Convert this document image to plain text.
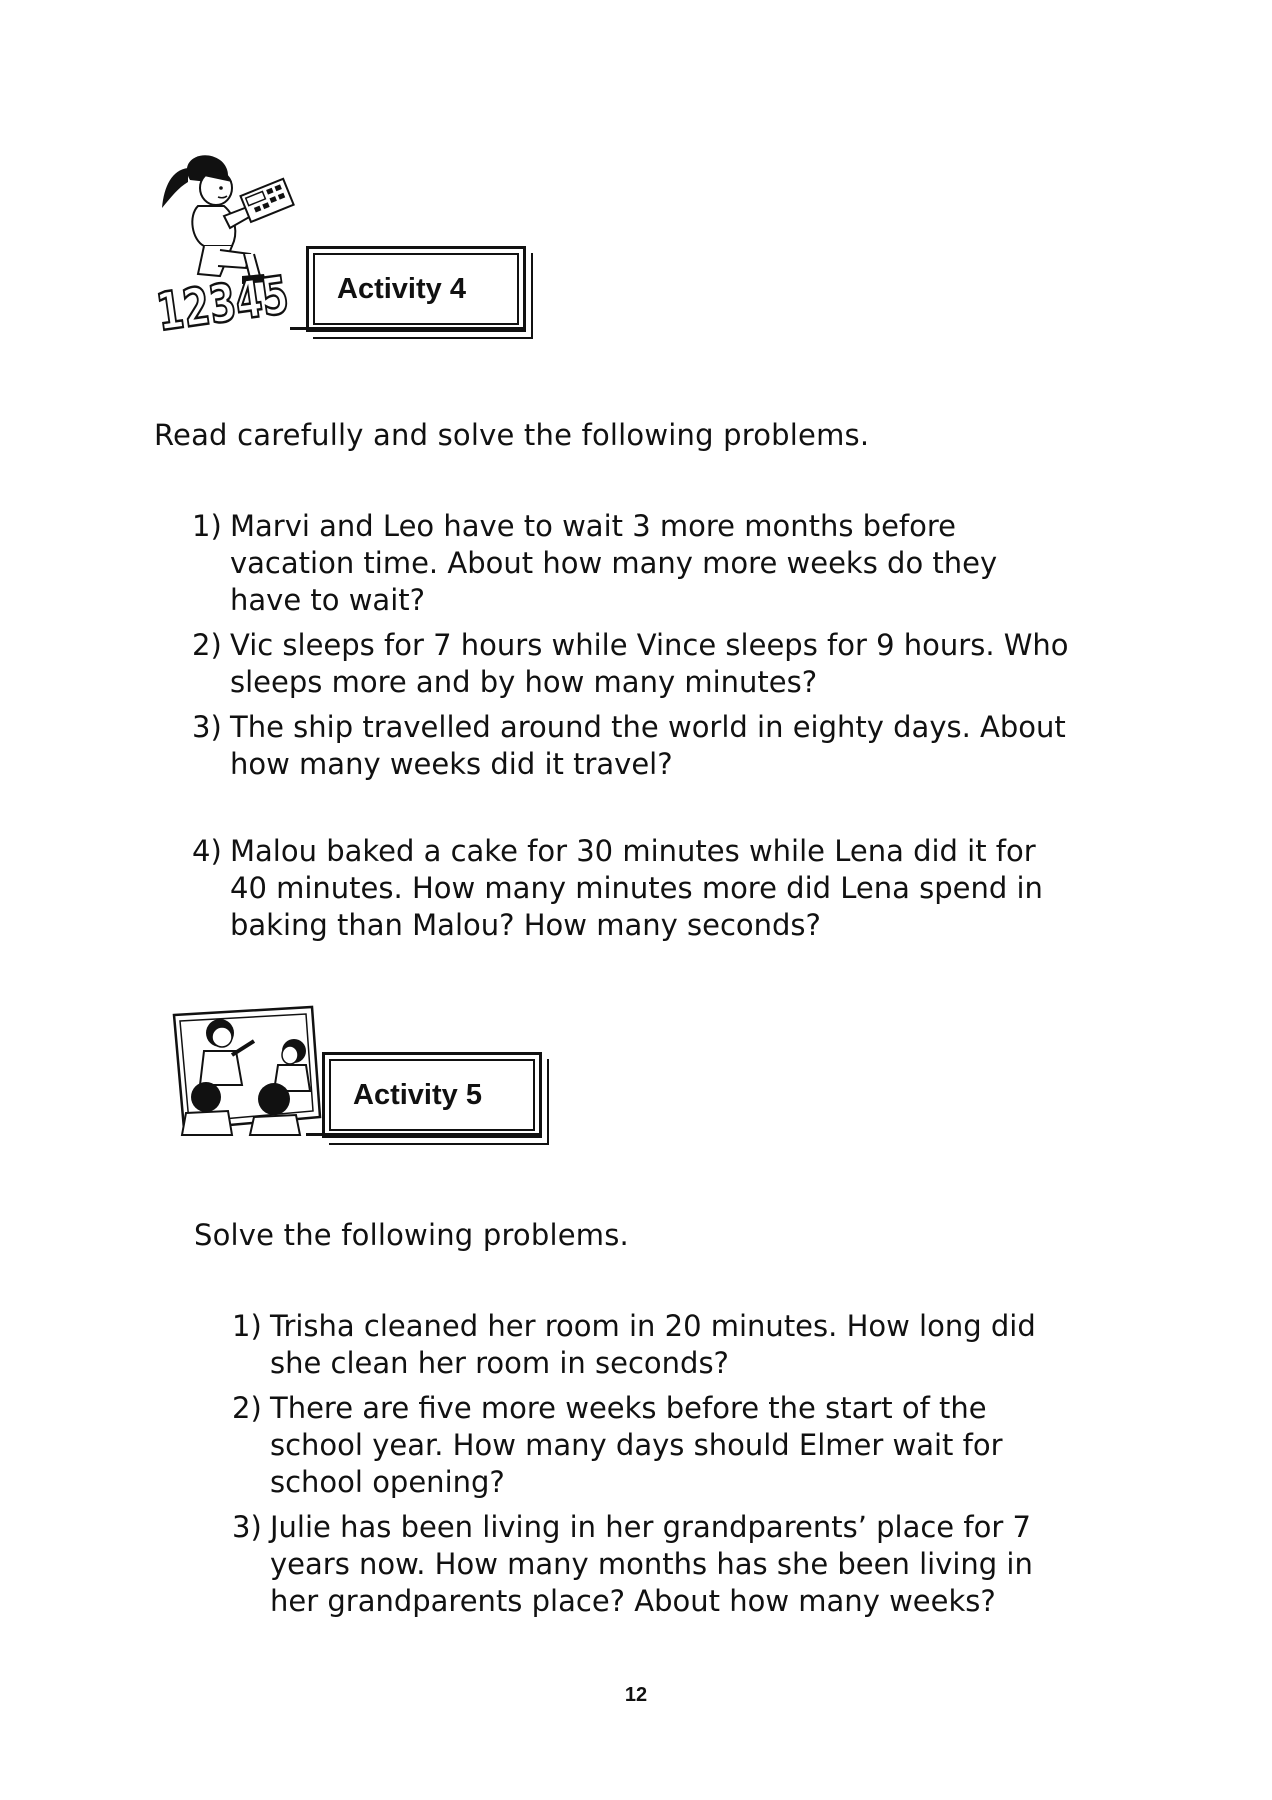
12345
Activity 4
Read carefully and solve the following problems.
1) Marvi and Leo have to wait 3 more months before vacation time. About how many more weeks do they have to wait?
2) Vic sleeps for 7 hours while Vince sleeps for 9 hours. Who sleeps more and by how many minutes?
3) The ship travelled around the world in eighty days. About how many weeks did it travel?
4) Malou baked a cake for 30 minutes while Lena did it for 40 minutes. How many minutes more did Lena spend in baking than Malou? How many seconds?
Activity 5
Solve the following problems.
1) Trisha cleaned her room in 20 minutes. How long did she clean her room in seconds?
2) There are five more weeks before the start of the school year. How many days should Elmer wait for school opening?
3) Julie has been living in her grandparents’ place for 7 years now. How many months has she been living in her grandparents place? About how many weeks?
12
